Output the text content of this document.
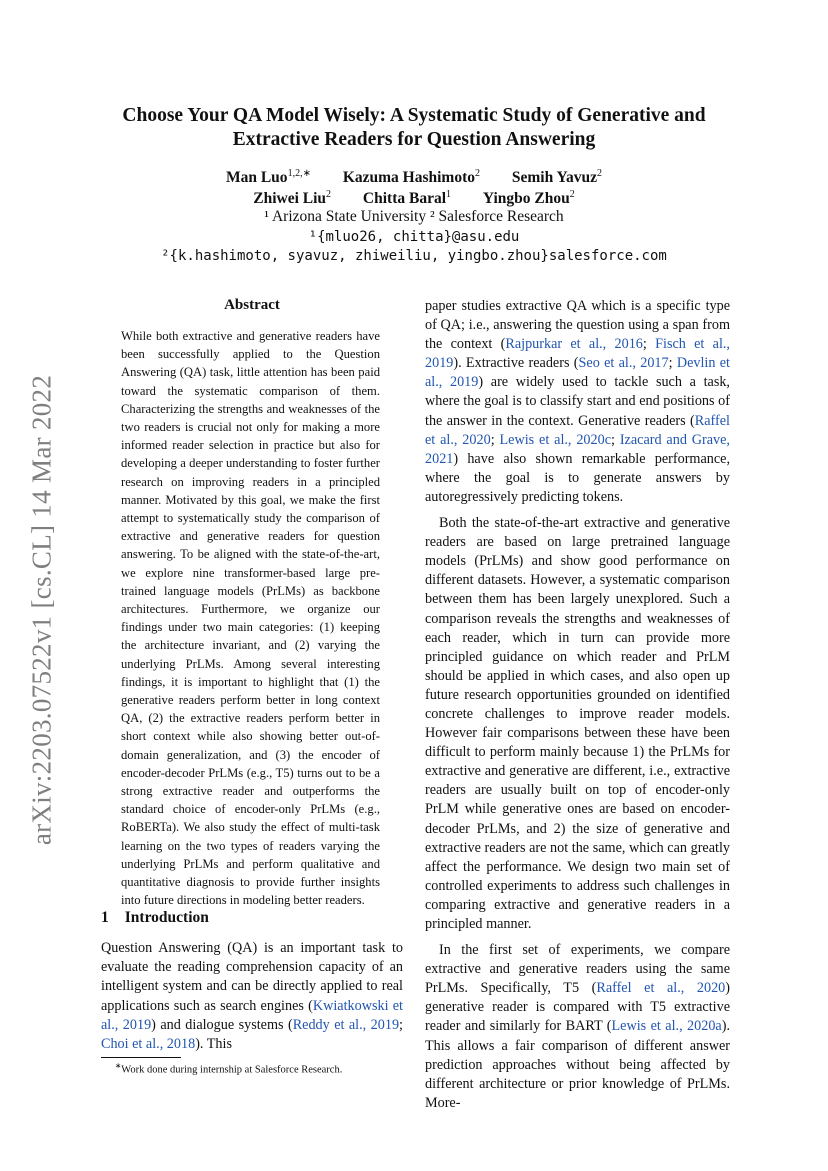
arXiv:2203.07522v1 [cs.CL] 14 Mar 2022
Choose Your QA Model Wisely: A Systematic Study of Generative and
Extractive Readers for Question Answering
Man Luo$^{1,2,∗}$ Kazuma Hashimoto$^2$ Semih Yavuz$^2$
Zhiwei Liu$^2$ Chitta Baral$^1$ Yingbo Zhou$^2$
¹ Arizona State University ² Salesforce Research
¹{mluo26, chitta}@asu.edu
²{k.hashimoto, syavuz, zhiweiliu, yingbo.zhou}salesforce.com
Abstract
While both extractive and generative readers have been successfully applied to the Question Answering (QA) task, little attention has been paid toward the systematic comparison of them. Characterizing the strengths and weaknesses of the two readers is crucial not only for making a more informed reader selection in practice but also for developing a deeper understanding to foster further research on improving readers in a principled manner. Motivated by this goal, we make the first attempt to systematically study the comparison of extractive and generative readers for question answering. To be aligned with the state-of-the-art, we explore nine transformer-based large pre-trained language models (PrLMs) as backbone architectures. Furthermore, we organize our findings under two main categories: (1) keeping the architecture invariant, and (2) varying the underlying PrLMs. Among several interesting findings, it is important to highlight that (1) the generative readers perform better in long context QA, (2) the extractive readers perform better in short context while also showing better out-of-domain generalization, and (3) the encoder of encoder-decoder PrLMs (e.g., T5) turns out to be a strong extractive reader and outperforms the standard choice of encoder-only PrLMs (e.g., RoBERTa). We also study the effect of multi-task learning on the two types of readers varying the underlying PrLMs and perform qualitative and quantitative diagnosis to provide further insights into future directions in modeling better readers.
1 Introduction
Question Answering (QA) is an important task to evaluate the reading comprehension capacity of an intelligent system and can be directly applied to real applications such as search engines (Kwiatkowski et al., 2019) and dialogue systems (Reddy et al., 2019; Choi et al., 2018). This
∗Work done during internship at Salesforce Research.

paper studies extractive QA which is a specific type of QA; i.e., answering the question using a span from the context (Rajpurkar et al., 2016; Fisch et al., 2019). Extractive readers (Seo et al., 2017; Devlin et al., 2019) are widely used to tackle such a task, where the goal is to classify start and end positions of the answer in the context. Generative readers (Raffel et al., 2020; Lewis et al., 2020c; Izacard and Grave, 2021) have also shown remarkable performance, where the goal is to generate answers by autoregressively predicting tokens.

Both the state-of-the-art extractive and generative readers are based on large pretrained language models (PrLMs) and show good performance on different datasets. However, a systematic comparison between them has been largely unexplored. Such a comparison reveals the strengths and weaknesses of each reader, which in turn can provide more principled guidance on which reader and PrLM should be applied in which cases, and also open up future research opportunities grounded on identified concrete challenges to improve reader models. However fair comparisons between these have been difficult to perform mainly because 1) the PrLMs for extractive and generative are different, i.e., extractive readers are usually built on top of encoder-only PrLM while generative ones are based on encoder-decoder PrLMs, and 2) the size of generative and extractive readers are not the same, which can greatly affect the performance. We design two main set of controlled experiments to address such challenges in comparing extractive and generative readers in a principled manner.

In the first set of experiments, we compare extractive and generative readers using the same PrLMs. Specifically, T5 (Raffel et al., 2020) generative reader is compared with T5 extractive reader and similarly for BART (Lewis et al., 2020a). This allows a fair comparison of different answer prediction approaches without being affected by different architecture or prior knowledge of PrLMs. More-
